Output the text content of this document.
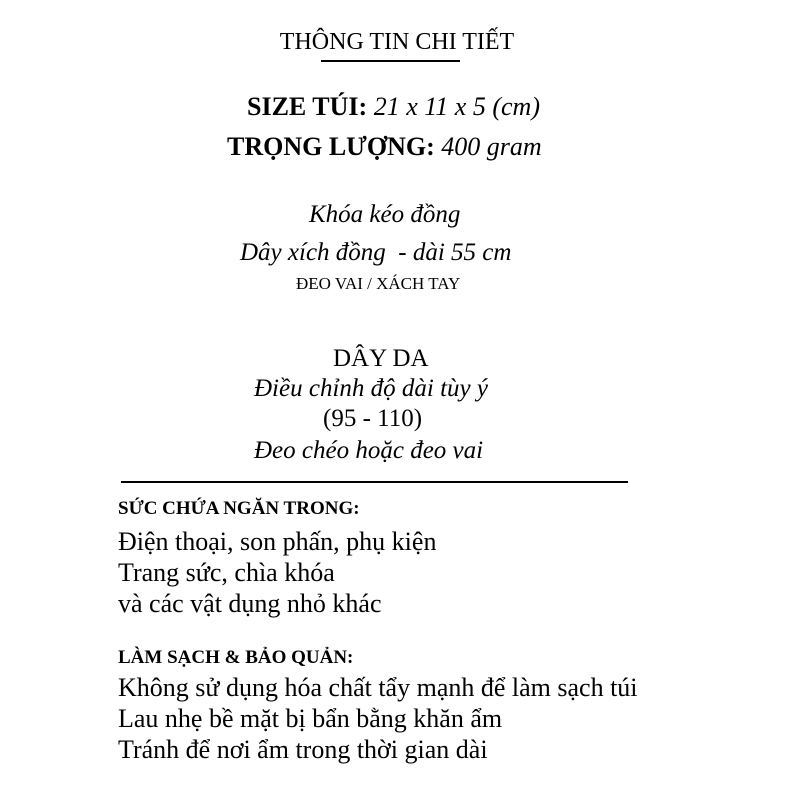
THÔNG TIN CHI TIẾT
SIZE TÚI: 21 x 11 x 5 (cm)
TRỌNG LƯỢNG: 400 gram
Khóa kéo đồng
Dây xích đồng  - dài 55 cm
ĐEO VAI / XÁCH TAY
DÂY DA
Điều chỉnh độ dài tùy ý
(95 - 110)
Đeo chéo hoặc đeo vai
SỨC CHỨA NGĂN TRONG:
Điện thoại, son phấn, phụ kiện
Trang sức, chìa khóa
và các vật dụng nhỏ khác
LÀM SẠCH & BẢO QUẢN:
Không sử dụng hóa chất tẩy mạnh để làm sạch túi
Lau nhẹ bề mặt bị bẩn bằng khăn ẩm
Tránh để nơi ẩm trong thời gian dài
